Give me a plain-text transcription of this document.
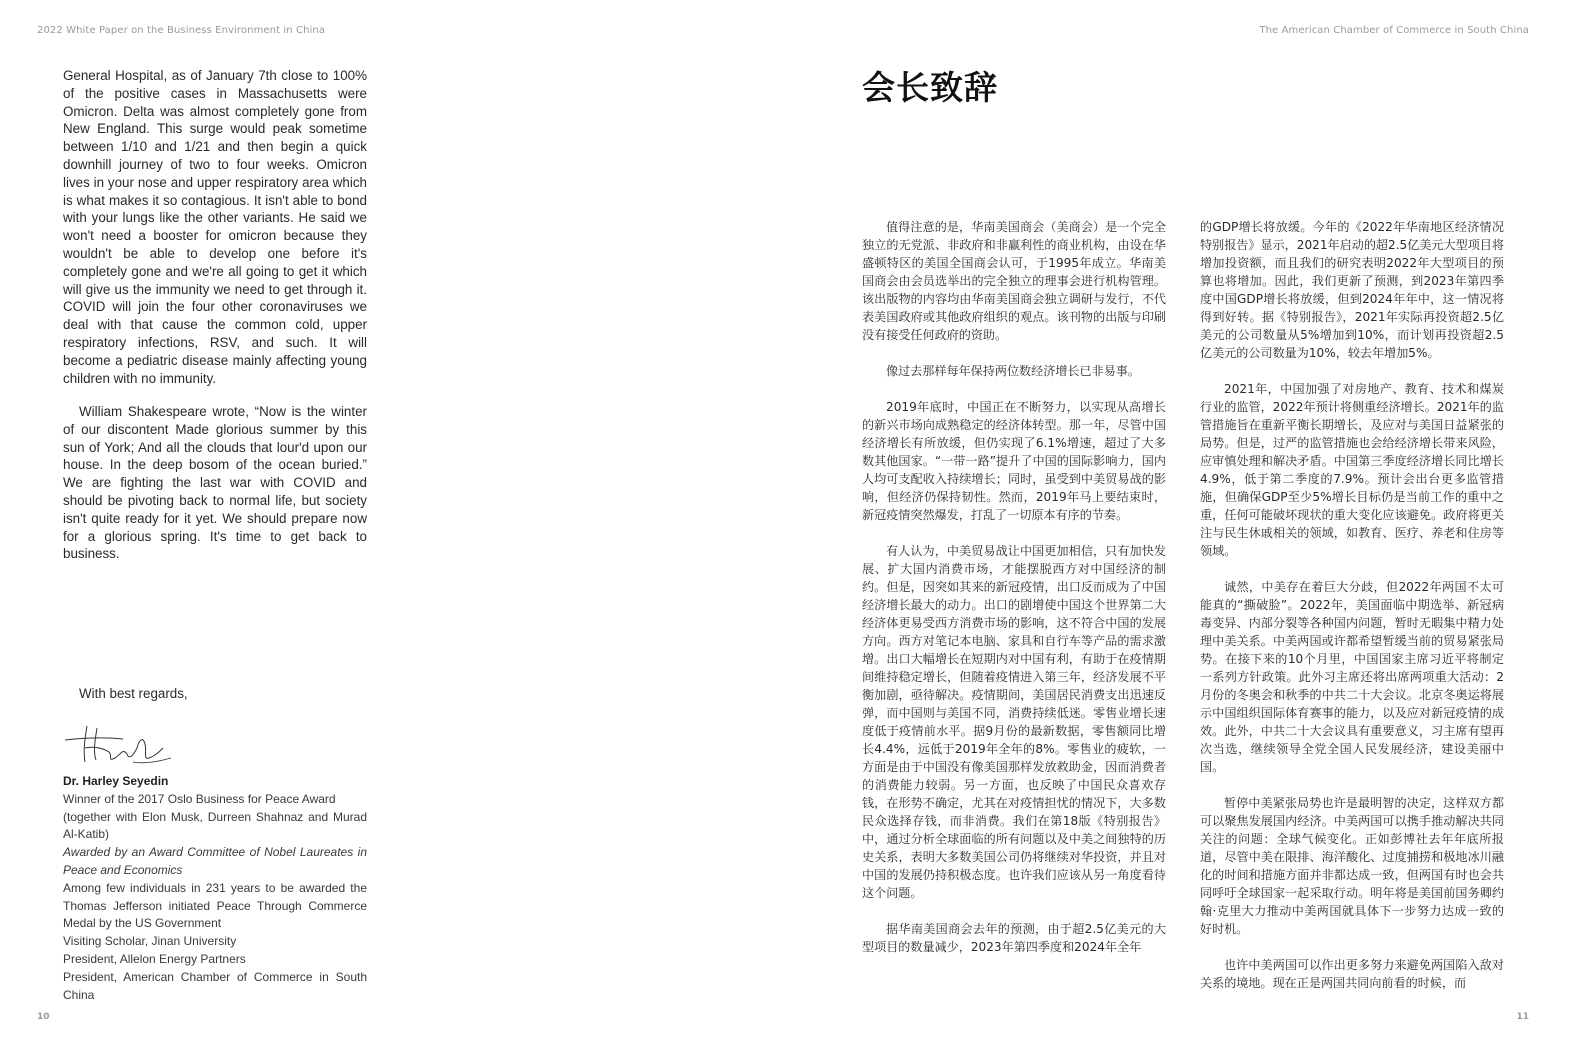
2022 White Paper on the Business Environment in China	The American Chamber of Commerce in South China

General Hospital, as of January 7th close to 100% of the positive cases in Massachusetts were Omicron. Delta was almost completely gone from New England. This surge would peak sometime between 1/10 and 1/21 and then begin a quick downhill journey of two to four weeks. Omicron lives in your nose and upper respiratory area which is what makes it so contagious. It isn't able to bond with your lungs like the other variants. He said we won't need a booster for omicron because they wouldn't be able to develop one before it's completely gone and we're all going to get it which will give us the immunity we need to get through it. COVID will join the four other coronaviruses we deal with that cause the common cold, upper respiratory infections, RSV, and such. It will become a pediatric disease mainly affecting young children with no immunity.

William Shakespeare wrote, “Now is the winter of our discontent Made glorious summer by this sun of York; And all the clouds that lour'd upon our house. In the deep bosom of the ocean buried.” We are fighting the last war with COVID and should be pivoting back to normal life, but society isn't quite ready for it yet. We should prepare now for a glorious spring. It's time to get back to business.

With best regards,
Dr. Harley Seyedin
Winner of the 2017 Oslo Business for Peace Award
(together with Elon Musk, Durreen Shahnaz and Murad Al-Katib)
Awarded by an Award Committee of Nobel Laureates in Peace and Economics
Among few individuals in 231 years to be awarded the Thomas Jefferson initiated Peace Through Commerce Medal by the US Government
Visiting Scholar, Jinan University
President, Allelon Energy Partners
President, American Chamber of Commerce in South China
会长致辞

值得注意的是，华南美国商会（美商会）是一个完全独立的无党派、非政府和非赢利性的商业机构，由设在华盛顿特区的美国全国商会认可，于1995年成立。华南美国商会由会员选举出的完全独立的理事会进行机构管理。该出版物的内容均由华南美国商会独立调研与发行，不代表美国政府或其他政府组织的观点。该刊物的出版与印刷没有接受任何政府的资助。

像过去那样每年保持两位数经济增长已非易事。

2019年底时，中国正在不断努力，以实现从高增长的新兴市场向成熟稳定的经济体转型。那一年，尽管中国经济增长有所放缓，但仍实现了6.1%增速，超过了大多数其他国家。“一带一路”提升了中国的国际影响力，国内人均可支配收入持续增长；同时，虽受到中美贸易战的影响，但经济仍保持韧性。然而，2019年马上要结束时，新冠疫情突然爆发，打乱了一切原本有序的节奏。

有人认为，中美贸易战让中国更加相信，只有加快发展、扩大国内消费市场，才能摆脱西方对中国经济的制约。但是，因突如其来的新冠疫情，出口反而成为了中国经济增长最大的动力。出口的剧增使中国这个世界第二大经济体更易受西方消费市场的影响，这不符合中国的发展方向。西方对笔记本电脑、家具和自行车等产品的需求激增。出口大幅增长在短期内对中国有利，有助于在疫情期间维持稳定增长，但随着疫情进入第三年，经济发展不平衡加剧，亟待解决。疫情期间，美国居民消费支出迅速反弹，而中国则与美国不同，消费持续低迷。零售业增长速度低于疫情前水平。据9月份的最新数据，零售额同比增长4.4%，远低于2019年全年的8%。零售业的疲软，一方面是由于中国没有像美国那样发放救助金，因而消费者的消费能力较弱。另一方面，也反映了中国民众喜欢存钱，在形势不确定，尤其在对疫情担忧的情况下，大多数民众选择存钱，而非消费。我们在第18版《特别报告》中，通过分析全球面临的所有问题以及中美之间独特的历史关系，表明大多数美国公司仍将继续对华投资，并且对中国的发展仍持积极态度。也许我们应该从另一角度看待这个问题。

据华南美国商会去年的预测，由于超2.5亿美元的大型项目的数量减少，2023年第四季度和2024年全年

的GDP增长将放缓。今年的《2022年华南地区经济情况特别报告》显示，2021年启动的超2.5亿美元大型项目将增加投资额，而且我们的研究表明2022年大型项目的预算也将增加。因此，我们更新了预测，到2023年第四季度中国GDP增长将放缓，但到2024年年中，这一情况将得到好转。据《特别报告》，2021年实际再投资超2.5亿美元的公司数量从5%增加到10%，而计划再投资超2.5亿美元的公司数量为10%，较去年增加5%。

2021年，中国加强了对房地产、教育、技术和煤炭行业的监管，2022年预计将侧重经济增长。2021年的监管措施旨在重新平衡长期增长，及应对与美国日益紧张的局势。但是，过严的监管措施也会给经济增长带来风险，应审慎处理和解决矛盾。中国第三季度经济增长同比增长4.9%，低于第二季度的7.9%。预计会出台更多监管措施，但确保GDP至少5%增长目标仍是当前工作的重中之重，任何可能破坏现状的重大变化应该避免。政府将更关注与民生休戚相关的领域，如教育、医疗、养老和住房等领域。

诚然，中美存在着巨大分歧，但2022年两国不太可能真的“撕破脸”。2022年，美国面临中期选举、新冠病毒变异、内部分裂等各种国内问题，暂时无暇集中精力处理中美关系。中美两国或许都希望暂缓当前的贸易紧张局势。在接下来的10个月里，中国国家主席习近平将制定一系列方针政策。此外习主席还将出席两项重大活动：2月份的冬奥会和秋季的中共二十大会议。北京冬奥运将展示中国组织国际体育赛事的能力，以及应对新冠疫情的成效。此外，中共二十大会议具有重要意义，习主席有望再次当选，继续领导全党全国人民发展经济，建设美丽中国。

暂停中美紧张局势也许是最明智的决定，这样双方都可以聚焦发展国内经济。中美两国可以携手推动解决共同关注的问题：全球气候变化。正如彭博社去年年底所报道，尽管中美在限排、海洋酸化、过度捕捞和极地冰川融化的时间和措施方面并非都达成一致，但两国有时也会共同呼吁全球国家一起采取行动。明年将是美国前国务卿约翰·克里大力推动中美两国就具体下一步努力达成一致的好时机。

也许中美两国可以作出更多努力来避免两国陷入敌对关系的境地。现在正是两国共同向前看的时候，而

10	11
